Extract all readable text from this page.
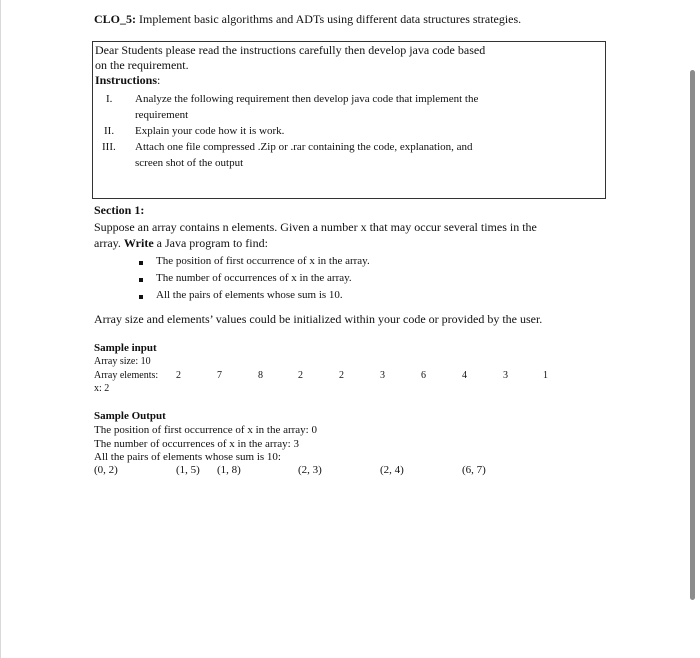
CLO_5: Implement basic algorithms and ADTs using different data structures strategies.
Dear Students please read the instructions carefully then develop java code based
on the requirement.
Instructions:
I. Analyze the following requirement then develop java code that implement the
requirement
II. Explain your code how it is work.
III. Attach one file compressed .Zip or .rar containing the code, explanation, and
screen shot of the output
Section 1:
Suppose an array contains n elements. Given a number x that may occur several times in the
array. Write a Java program to find:
The position of first occurrence of x in the array.
The number of occurrences of x in the array.
All the pairs of elements whose sum is 10.
Array size and elements’ values could be initialized within your code or provided by the user.
Sample input
Array size: 10
Array elements: 2	7	8	2	2	3	6	4	3	1
x: 2
Sample Output
The position of first occurrence of x in the array: 0
The number of occurrences of x in the array: 3
All the pairs of elements whose sum is 10:
(0, 2)	(1, 5) (1, 8)	(2, 3)	(2, 4)	(6, 7)
